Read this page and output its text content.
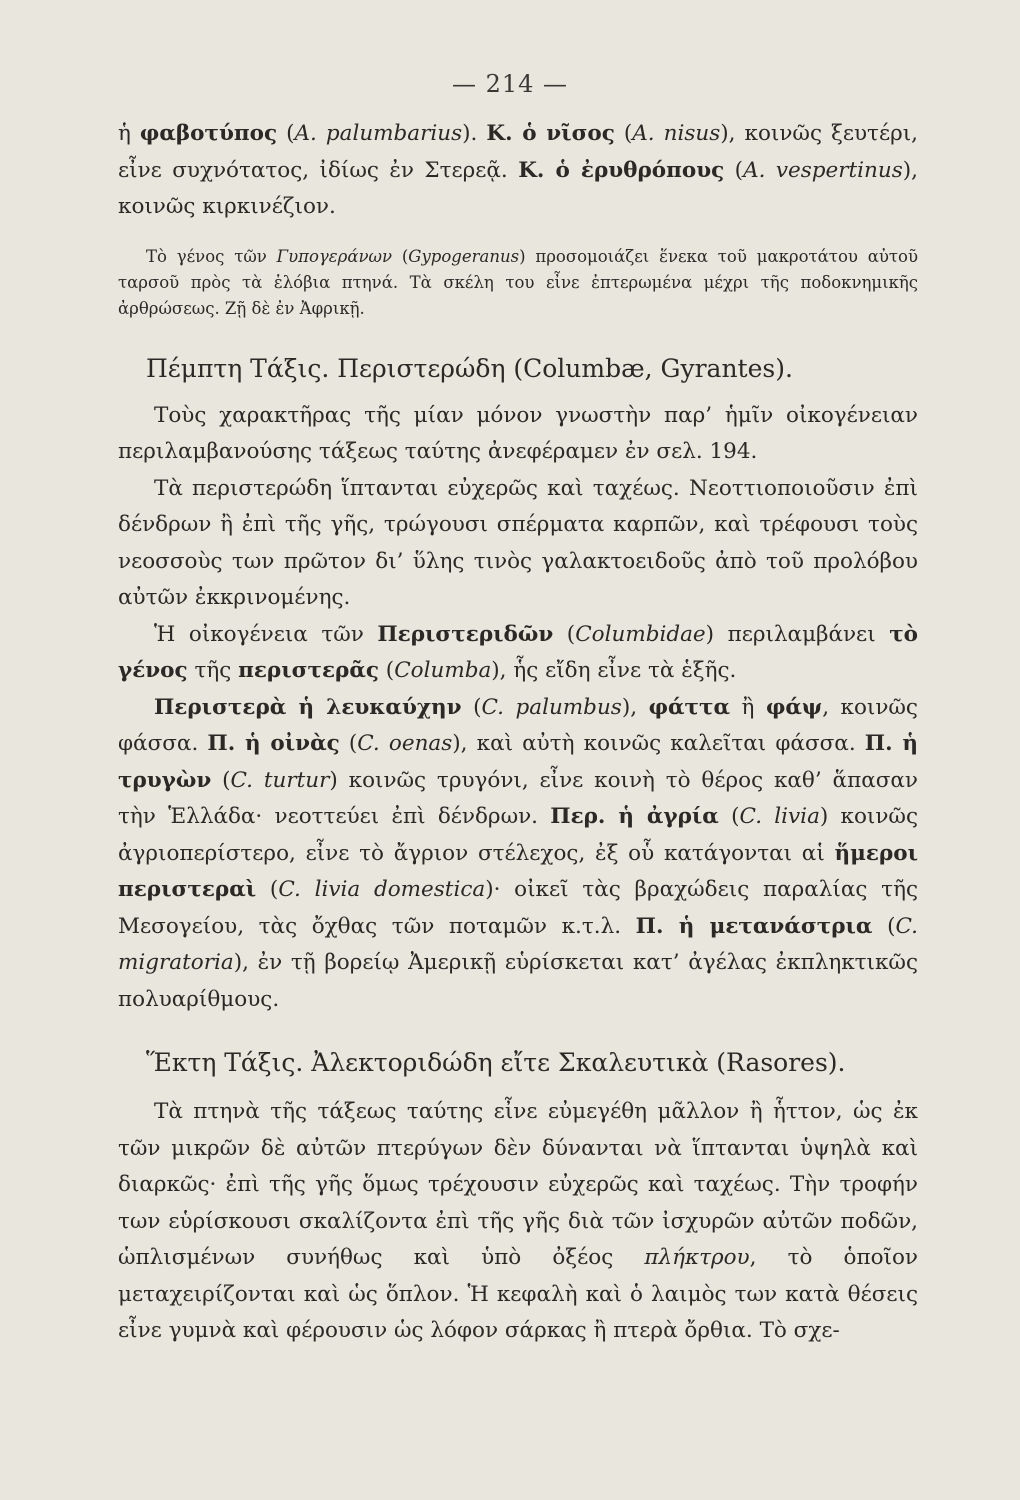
— 214 —

ἡ φαβοτύπος (A. palumbarius). Κ. ὁ νῖσος (A. nisus), κοινῶς ξευτέρι, εἶνε συχνότατος, ἰδίως ἐν Στερεᾷ. Κ. ὁ ἐρυθρόπους (A. vespertinus), κοινῶς κιρκινέζιον.

Τὸ γένος τῶν Γυπογεράνων (Gypogeranus) προσομοιάζει ἕνεκα τοῦ μακροτάτου αὐτοῦ ταρσοῦ πρὸς τὰ ἑλόβια πτηνά. Τὰ σκέλη του εἶνε ἐπτερωμένα μέχρι τῆς ποδοκνημικῆς ἀρθρώσεως. Ζῇ δὲ ἐν Ἀφρικῇ.

Πέμπτη Τάξις. Περιστερώδη (Columbæ, Gyrantes).

Τοὺς χαρακτῆρας τῆς μίαν μόνον γνωστὴν παρ’ ἡμῖν οἰκογένειαν περιλαμβανούσης τάξεως ταύτης ἀνεφέραμεν ἐν σελ. 194.

Τὰ περιστερώδη ἵπτανται εὐχερῶς καὶ ταχέως. Νεοττιοποιοῦσιν ἐπὶ δένδρων ἢ ἐπὶ τῆς γῆς, τρώγουσι σπέρματα καρπῶν, καὶ τρέφουσι τοὺς νεοσσοὺς των πρῶτον δι’ ὕλης τινὸς γαλακτοειδοῦς ἀπὸ τοῦ προλόβου αὐτῶν ἐκκρινομένης.

Ἡ οἰκογένεια τῶν Περιστεριδῶν (Columbidae) περιλαμβάνει τὸ γένος τῆς περιστερᾶς (Columba), ἧς εἴδη εἶνε τὰ ἑξῆς.

Περιστερὰ ἡ λευκαύχην (C. palumbus), φάττα ἢ φάψ, κοινῶς φάσσα. Π. ἡ οἰνὰς (C. oenas), καὶ αὐτὴ κοινῶς καλεῖται φάσσα. Π. ἡ τρυγὼν (C. turtur) κοινῶς τρυγόνι, εἶνε κοινὴ τὸ θέρος καθ’ ἅπασαν τὴν Ἑλλάδα· νεοττεύει ἐπὶ δένδρων. Περ. ἡ ἀγρία (C. livia) κοινῶς ἀγριοπερίστερο, εἶνε τὸ ἄγριον στέλεχος, ἐξ οὗ κατάγονται αἱ ἥμεροι περιστεραὶ (C. livia domestica)· οἰκεῖ τὰς βραχώδεις παραλίας τῆς Μεσογείου, τὰς ὄχθας τῶν ποταμῶν κ.τ.λ. Π. ἡ μετανάστρια (C. migratoria), ἐν τῇ βορείῳ Ἀμερικῇ εὑρίσκεται κατ’ ἀγέλας ἐκπληκτικῶς πολυαρίθμους.

Ἕκτη Τάξις. Ἀλεκτοριδώδη εἴτε Σκαλευτικὰ (Rasores).

Τὰ πτηνὰ τῆς τάξεως ταύτης εἶνε εὐμεγέθη μᾶλλον ἢ ἧττον, ὡς ἐκ τῶν μικρῶν δὲ αὐτῶν πτερύγων δὲν δύνανται νὰ ἵπτανται ὑψηλὰ καὶ διαρκῶς· ἐπὶ τῆς γῆς ὅμως τρέχουσιν εὐχερῶς καὶ ταχέως. Τὴν τροφήν των εὑρίσκουσι σκαλίζοντα ἐπὶ τῆς γῆς διὰ τῶν ἰσχυρῶν αὐτῶν ποδῶν, ὡπλισμένων συνήθως καὶ ὑπὸ ὀξέος πλήκτρου, τὸ ὁποῖον μεταχειρίζονται καὶ ὡς ὅπλον. Ἡ κεφαλὴ καὶ ὁ λαιμὸς των κατὰ θέσεις εἶνε γυμνὰ καὶ φέρουσιν ὡς λόφον σάρκας ἢ πτερὰ ὄρθια. Τὸ σχε-
